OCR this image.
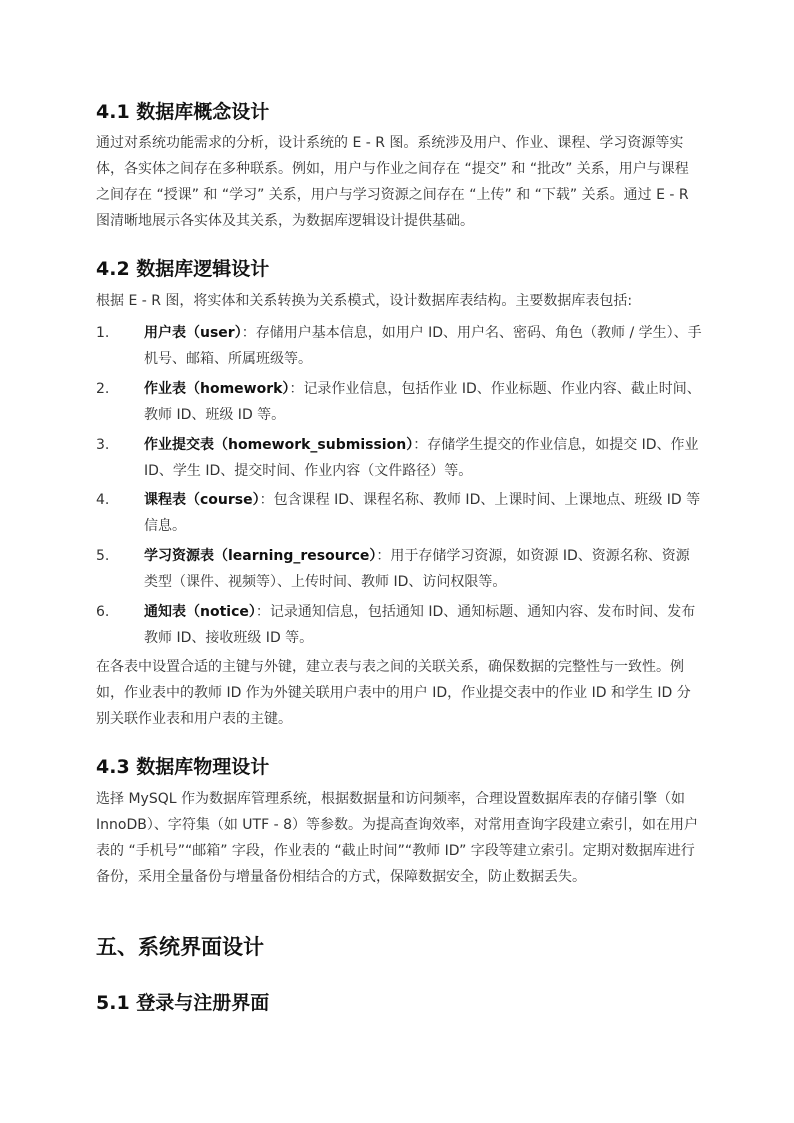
4.1 数据库概念设计

通过对系统功能需求的分析，设计系统的 E - R 图。系统涉及用户、作业、课程、学习资源等实体，各实体之间存在多种联系。例如，用户与作业之间存在 “提交” 和 “批改” 关系，用户与课程之间存在 “授课” 和 “学习” 关系，用户与学习资源之间存在 “上传” 和 “下载” 关系。通过 E - R 图清晰地展示各实体及其关系，为数据库逻辑设计提供基础。

4.2 数据库逻辑设计

根据 E - R 图，将实体和关系转换为关系模式，设计数据库表结构。主要数据库表包括:

1.	用户表（user）：存储用户基本信息，如用户 ID、用户名、密码、角色（教师 / 学生）、手机号、邮箱、所属班级等。
2.	作业表（homework）：记录作业信息，包括作业 ID、作业标题、作业内容、截止时间、教师 ID、班级 ID 等。
3.	作业提交表（homework_submission）：存储学生提交的作业信息，如提交 ID、作业 ID、学生 ID、提交时间、作业内容（文件路径）等。
4.	课程表（course）：包含课程 ID、课程名称、教师 ID、上课时间、上课地点、班级 ID 等信息。
5.	学习资源表（learning_resource）：用于存储学习资源，如资源 ID、资源名称、资源类型（课件、视频等）、上传时间、教师 ID、访问权限等。
6.	通知表（notice）：记录通知信息，包括通知 ID、通知标题、通知内容、发布时间、发布教师 ID、接收班级 ID 等。

在各表中设置合适的主键与外键，建立表与表之间的关联关系，确保数据的完整性与一致性。例如，作业表中的教师 ID 作为外键关联用户表中的用户 ID，作业提交表中的作业 ID 和学生 ID 分别关联作业表和用户表的主键。

4.3 数据库物理设计

选择 MySQL 作为数据库管理系统，根据数据量和访问频率，合理设置数据库表的存储引擎（如 InnoDB）、字符集（如 UTF - 8）等参数。为提高查询效率，对常用查询字段建立索引，如在用户表的 “手机号”“邮箱” 字段，作业表的 “截止时间”“教师 ID” 字段等建立索引。定期对数据库进行备份，采用全量备份与增量备份相结合的方式，保障数据安全，防止数据丢失。

五、系统界面设计
5.1 登录与注册界面
